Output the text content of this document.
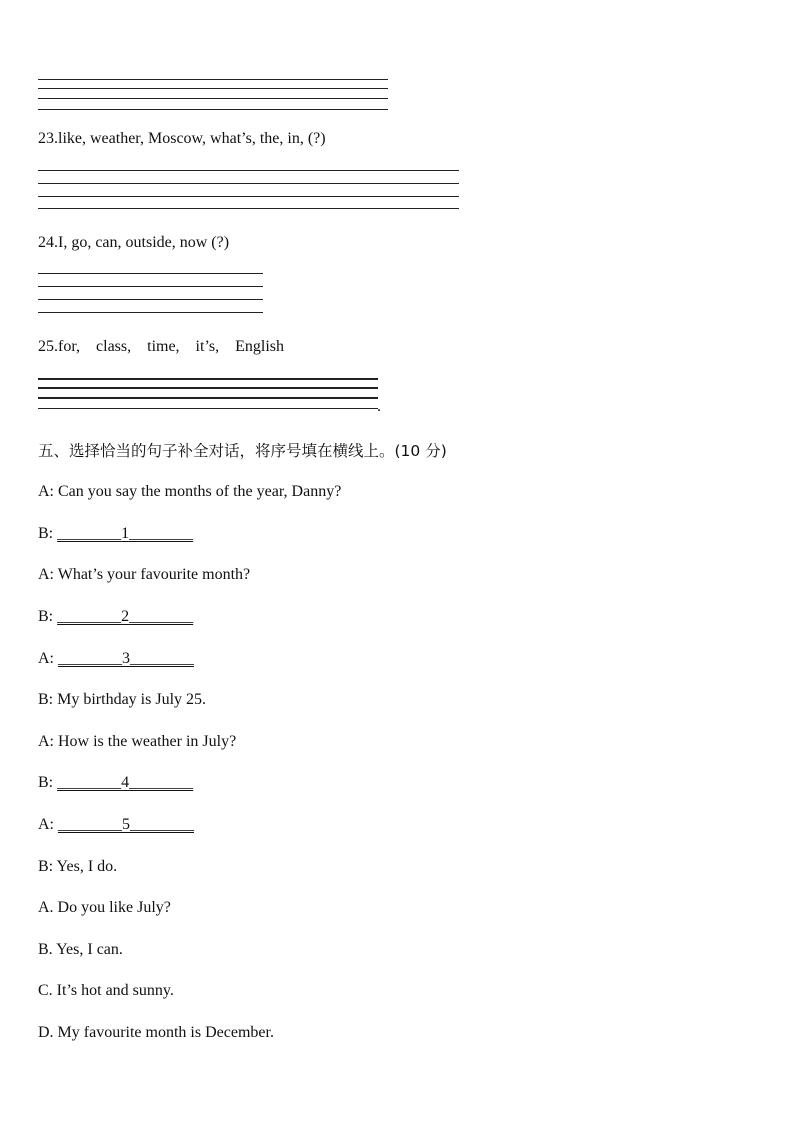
23.like, weather, Moscow, what’s, the, in, (?)
24.I, go, can, outside, now (?)
25.for,    class,    time,    it’s,    English
.
五、选择恰当的句子补全对话，将序号填在横线上。(10 分)
A: Can you say the months of the year, Danny?
B: ________1________
A: What’s your favourite month?
B: ________2________
A: ________3________
B: My birthday is July 25.
A: How is the weather in July?
B: ________4________
A: ________5________
B: Yes, I do.
A. Do you like July?
B. Yes, I can.
C. It’s hot and sunny.
D. My favourite month is December.
